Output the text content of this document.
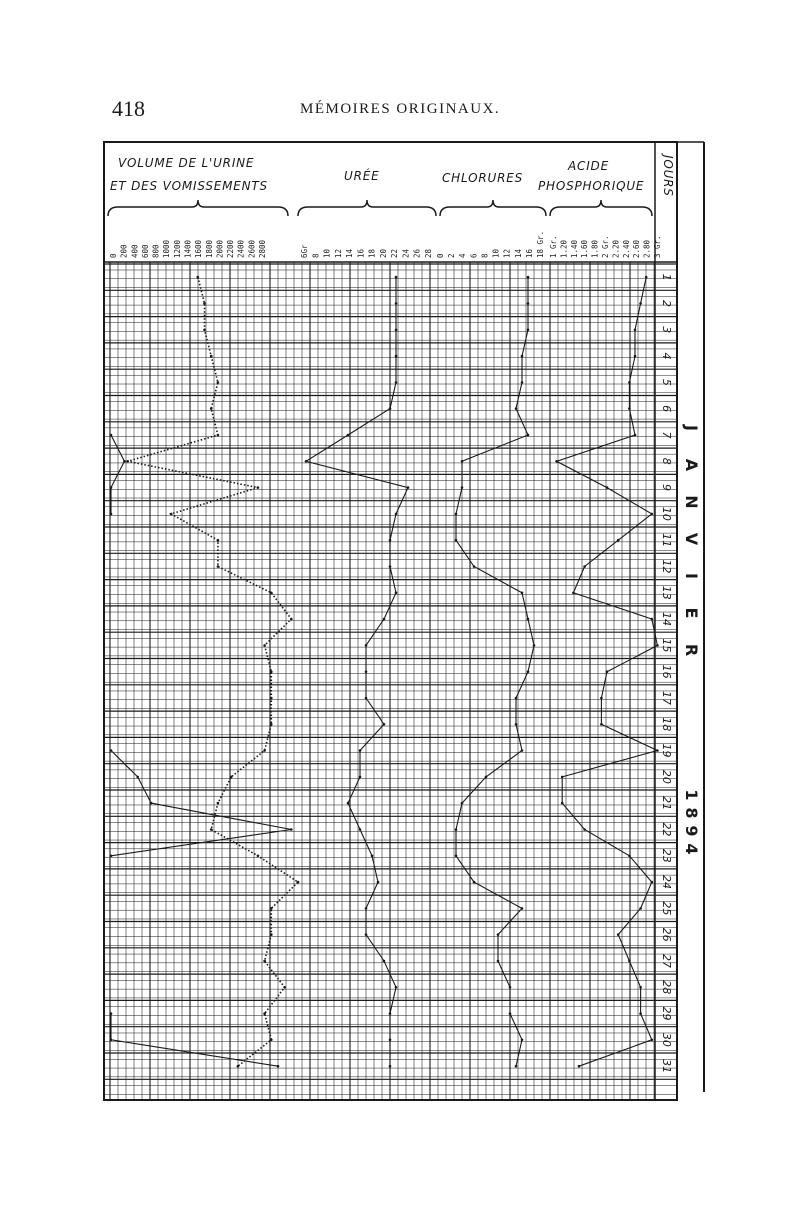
418	MÉMOIRES ORIGINAUX.
VOLUME DE L'URINE
ET DES VOMISSEMENTS
URÉE	CHLORURES
ACIDE
PHOSPHORIQUE JOURS
0 200 400 600 800 1000 1200 1400 1600 1800 2000 2200 2400 2600 2800	6Gr 8 10 12 14 16 18 20 22 24 26 28 0 2 4 6 8 10 12 14 16 18 Gr. 1 Gr. 1.20 1.40 1.60 1.80 2 Gr. 2.20 2.40 2.60 2.80 3 Gr.
1
2
3
4
5
6
7
8
9
10
11
12
13
14
15
16
17
18
19
20
21
22
23
24
25
26
27
28
29
30
31
J
A
N
V
I
E
R
1
8
9
4
